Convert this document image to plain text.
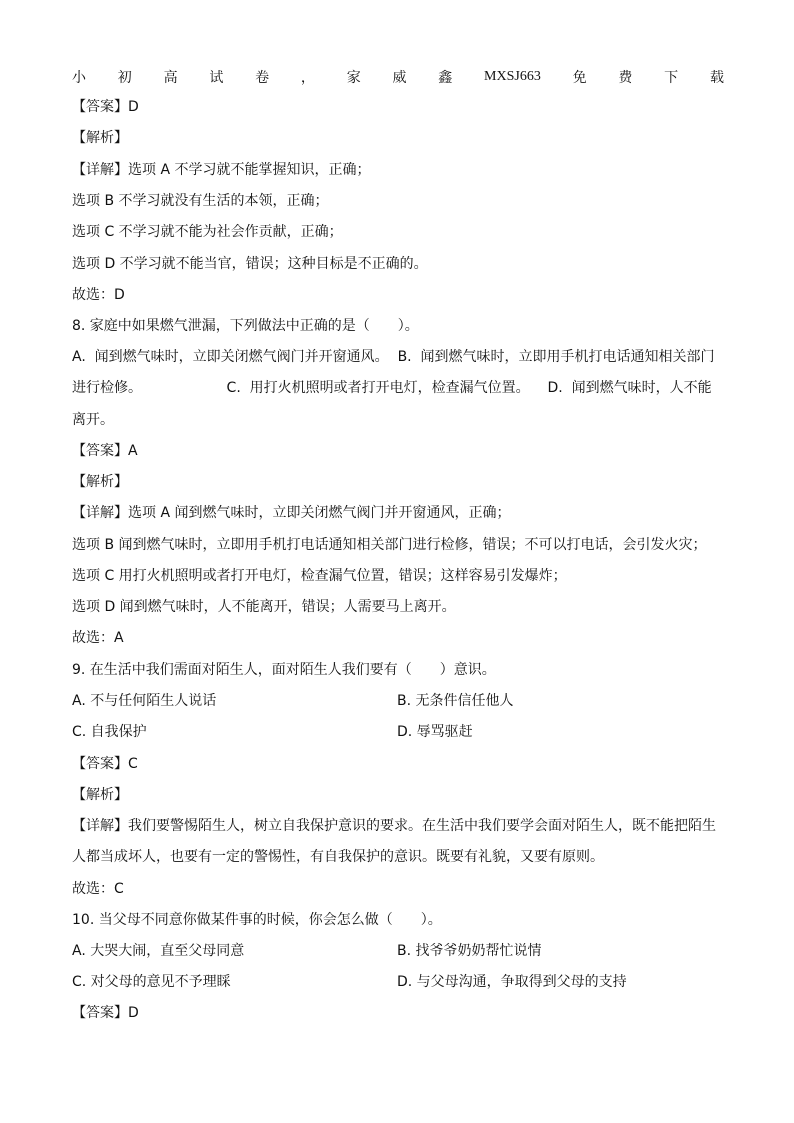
小 初 高 试 卷 ， 家 威 鑫 MXSJ663 免 费 下 载
【答案】D
【解析】
【详解】选项 A 不学习就不能掌握知识，正确；
选项 B 不学习就没有生活的本领，正确；
选项 C 不学习就不能为社会作贡献，正确；
选项 D 不学习就不能当官，错误；这种目标是不正确的。
故选：D
8. 家庭中如果燃气泄漏，下列做法中正确的是（　　）。
A.  闻到燃气味时，立即关闭燃气阀门并开窗通风。  B.  闻到燃气味时，立即用手机打电话通知相关部门
进行检修。                   C.  用打火机照明或者打开电灯，检查漏气位置。    D.  闻到燃气味时，人不能
离开。
【答案】A
【解析】
【详解】选项 A 闻到燃气味时，立即关闭燃气阀门并开窗通风，正确；
选项 B 闻到燃气味时，立即用手机打电话通知相关部门进行检修，错误；不可以打电话，会引发火灾；
选项 C 用打火机照明或者打开电灯，检查漏气位置，错误；这样容易引发爆炸；
选项 D 闻到燃气味时，人不能离开，错误；人需要马上离开。
故选：A
9. 在生活中我们需面对陌生人，面对陌生人我们要有（　　）意识。
A. 不与任何陌生人说话	B. 无条件信任他人
C. 自我保护	D. 辱骂驱赶
【答案】C
【解析】
【详解】我们要警惕陌生人，树立自我保护意识的要求。在生活中我们要学会面对陌生人，既不能把陌生
人都当成坏人，也要有一定的警惕性，有自我保护的意识。既要有礼貌，又要有原则。
故选：C
10. 当父母不同意你做某件事的时候，你会怎么做（　　）。
A. 大哭大闹，直至父母同意	B. 找爷爷奶奶帮忙说情
C. 对父母的意见不予理睬	D. 与父母沟通，争取得到父母的支持
【答案】D
